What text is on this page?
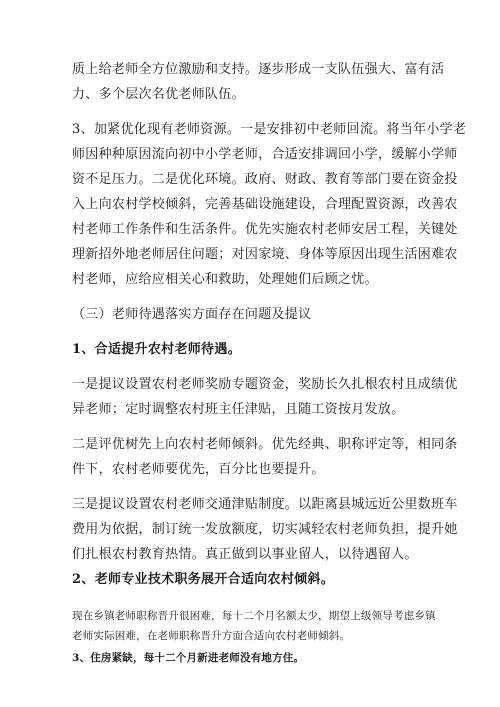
质上给老师全方位激励和支持。逐步形成一支队伍强大、富有活
力、多个层次名优老师队伍。
3、加紧优化现有老师资源。一是安排初中老师回流。将当年小学老
师因种种原因流向初中小学老师，合适安排调回小学，缓解小学师
资不足压力。二是优化环境。政府、财政、教育等部门要在资金投
入上向农村学校倾斜，完善基础设施建设，合理配置资源，改善农
村老师工作条件和生活条件。优先实施农村老师安居工程，关键处
理新招外地老师居住问题；对因家境、身体等原因出现生活困难农
村老师，应给应相关心和救助，处理她们后顾之忧。
（三）老师待遇落实方面存在问题及提议
1、合适提升农村老师待遇。
一是提议设置农村老师奖励专题资金，奖励长久扎根农村且成绩优
异老师；定时调整农村班主任津贴，且随工资按月发放。
二是评优树先上向农村老师倾斜。优先经典、职称评定等，相同条
件下，农村老师要优先，百分比也要提升。
三是提议设置农村老师交通津贴制度。以距离县城远近公里数班车
费用为依据，制订统一发放额度，切实减轻农村老师负担，提升她
们扎根农村教育热情。真正做到以事业留人，以待遇留人。
2、老师专业技术职务展开合适向农村倾斜。
现在乡镇老师职称晋升很困难，每十二个月名额太少，期望上级领导考虑乡镇
老师实际困难，在老师职称晋升方面合适向农村老师倾斜。
3、住房紧缺，每十二个月新进老师没有地方住。
